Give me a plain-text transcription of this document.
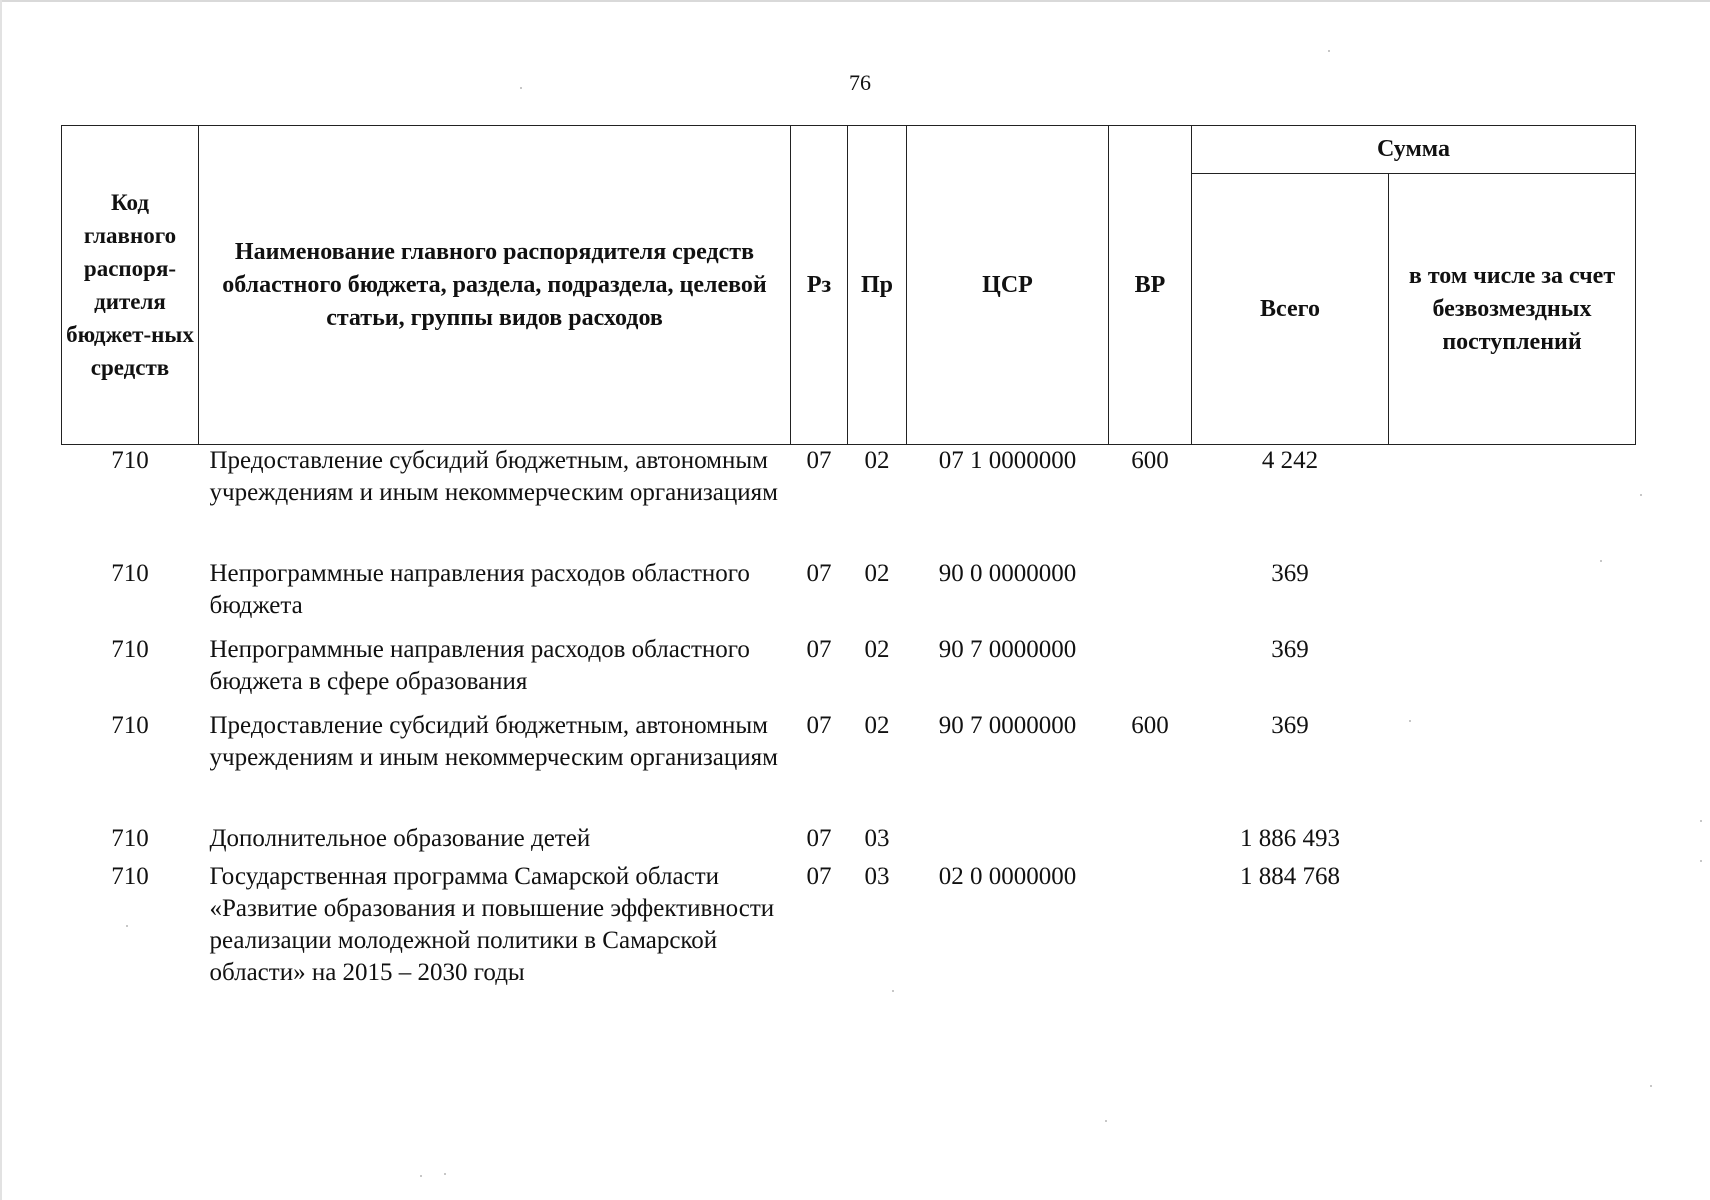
76
Код главного распоря-дителя бюджет-ных средств	Наименование главного распорядителя средств областного бюджета, раздела, подраздела, целевой статьи, группы видов расходов	Рз	Пр	ЦСР	ВР	Сумма	
						Всего	в том числе за счет безвозмездных поступлений
710	Предоставление субсидий бюджетным, автономным учреждениям и иным некоммерческим организациям	07	02	07 1 0000000	600	4 242	
710	Непрограммные направления расходов областного бюджета	07	02	90 0 0000000		369	
710	Непрограммные направления расходов областного бюджета в сфере образования	07	02	90 7 0000000		369	
710	Предоставление субсидий бюджетным, автономным учреждениям и иным некоммерческим организациям	07	02	90 7 0000000	600	369	
710	Дополнительное образование детей	07	03			1 886 493	
710	Государственная программа Самарской области «Развитие образования и повышение эффективности реализации молодежной политики в Самарской области» на 2015 – 2030 годы	07	03	02 0 0000000		1 884 768	
